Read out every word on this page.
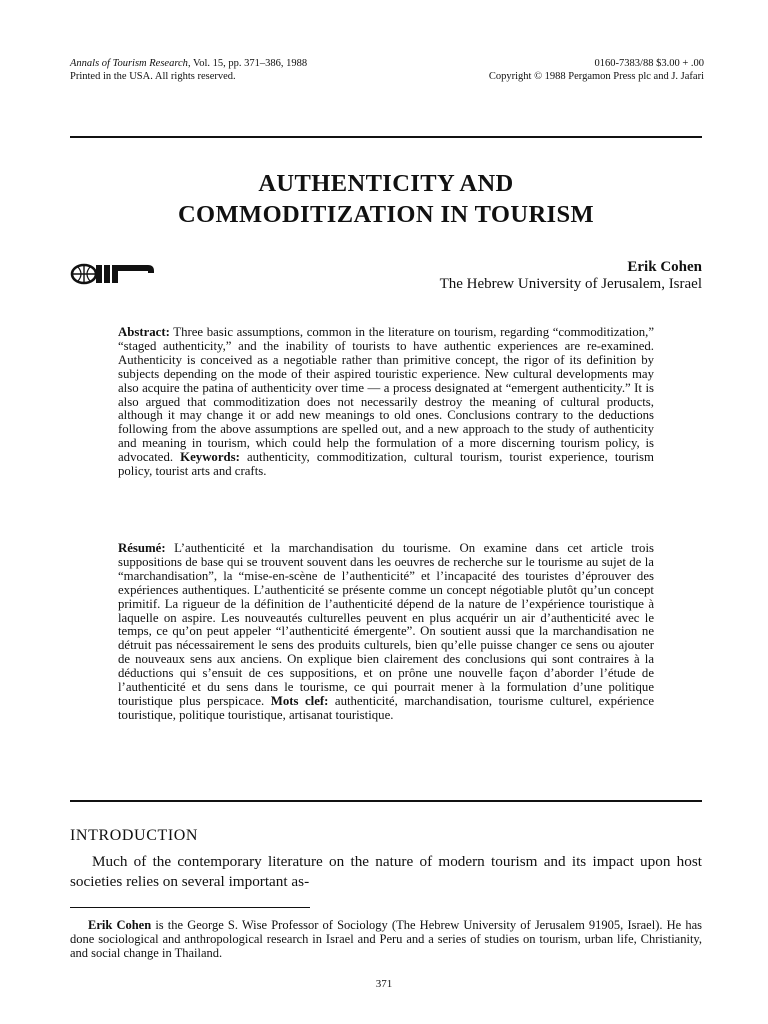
Annals of Tourism Research, Vol. 15, pp. 371–386, 1988
Printed in the USA. All rights reserved.
0160-7383/88 $3.00 + .00
Copyright © 1988 Pergamon Press plc and J. Jafari
AUTHENTICITY AND
COMMODITIZATION IN TOURISM
Erik Cohen
The Hebrew University of Jerusalem, Israel

Abstract: Three basic assumptions, common in the literature on tourism, regarding “commoditization,” “staged authenticity,” and the inability of tourists to have authentic experiences are re-examined. Authenticity is conceived as a negotiable rather than primitive concept, the rigor of its definition by subjects depending on the mode of their aspired touristic experience. New cultural developments may also acquire the patina of authenticity over time — a process designated at “emergent authenticity.” It is also argued that commoditization does not necessarily destroy the meaning of cultural products, although it may change it or add new meanings to old ones. Conclusions contrary to the deductions following from the above assumptions are spelled out, and a new approach to the study of authenticity and meaning in tourism, which could help the formulation of a more discerning tourism policy, is advocated. Keywords: authenticity, commoditization, cultural tourism, tourist experience, tourism policy, tourist arts and crafts.

Résumé: L’authenticité et la marchandisation du tourisme. On examine dans cet article trois suppositions de base qui se trouvent souvent dans les oeuvres de recherche sur le tourisme au sujet de la “marchandisation”, la “mise-en-scène de l’authenticité” et l’incapacité des touristes d’éprouver des expériences authentiques. L’authenticité se présente comme un concept négotiable plutôt qu’un concept primitif. La rigueur de la définition de l’authenticité dépend de la nature de l’expérience touristique à laquelle on aspire. Les nouveautés culturelles peuvent en plus acquérir un air d’authenticité avec le temps, ce qu’on peut appeler “l’authenticité émergente”. On soutient aussi que la marchandisation ne détruit pas nécessairement le sens des produits culturels, bien qu’elle puisse changer ce sens ou ajouter de nouveaux sens aux anciens. On explique bien clairement des conclusions qui sont contraires à la déductions qui s’ensuit de ces suppositions, et on prône une nouvelle façon d’aborder l’étude de l’authenticité et du sens dans le tourisme, ce qui pourrait mener à la formulation d’une politique touristique plus perspicace. Mots clef: authenticité, marchandisation, tourisme culturel, expérience touristique, politique touristique, artisanat touristique.

INTRODUCTION

Much of the contemporary literature on the nature of modern tourism and its impact upon host societies relies on several important as-

Erik Cohen is the George S. Wise Professor of Sociology (The Hebrew University of Jerusalem 91905, Israel). He has done sociological and anthropological research in Israel and Peru and a series of studies on tourism, urban life, Christianity, and social change in Thailand.

371
